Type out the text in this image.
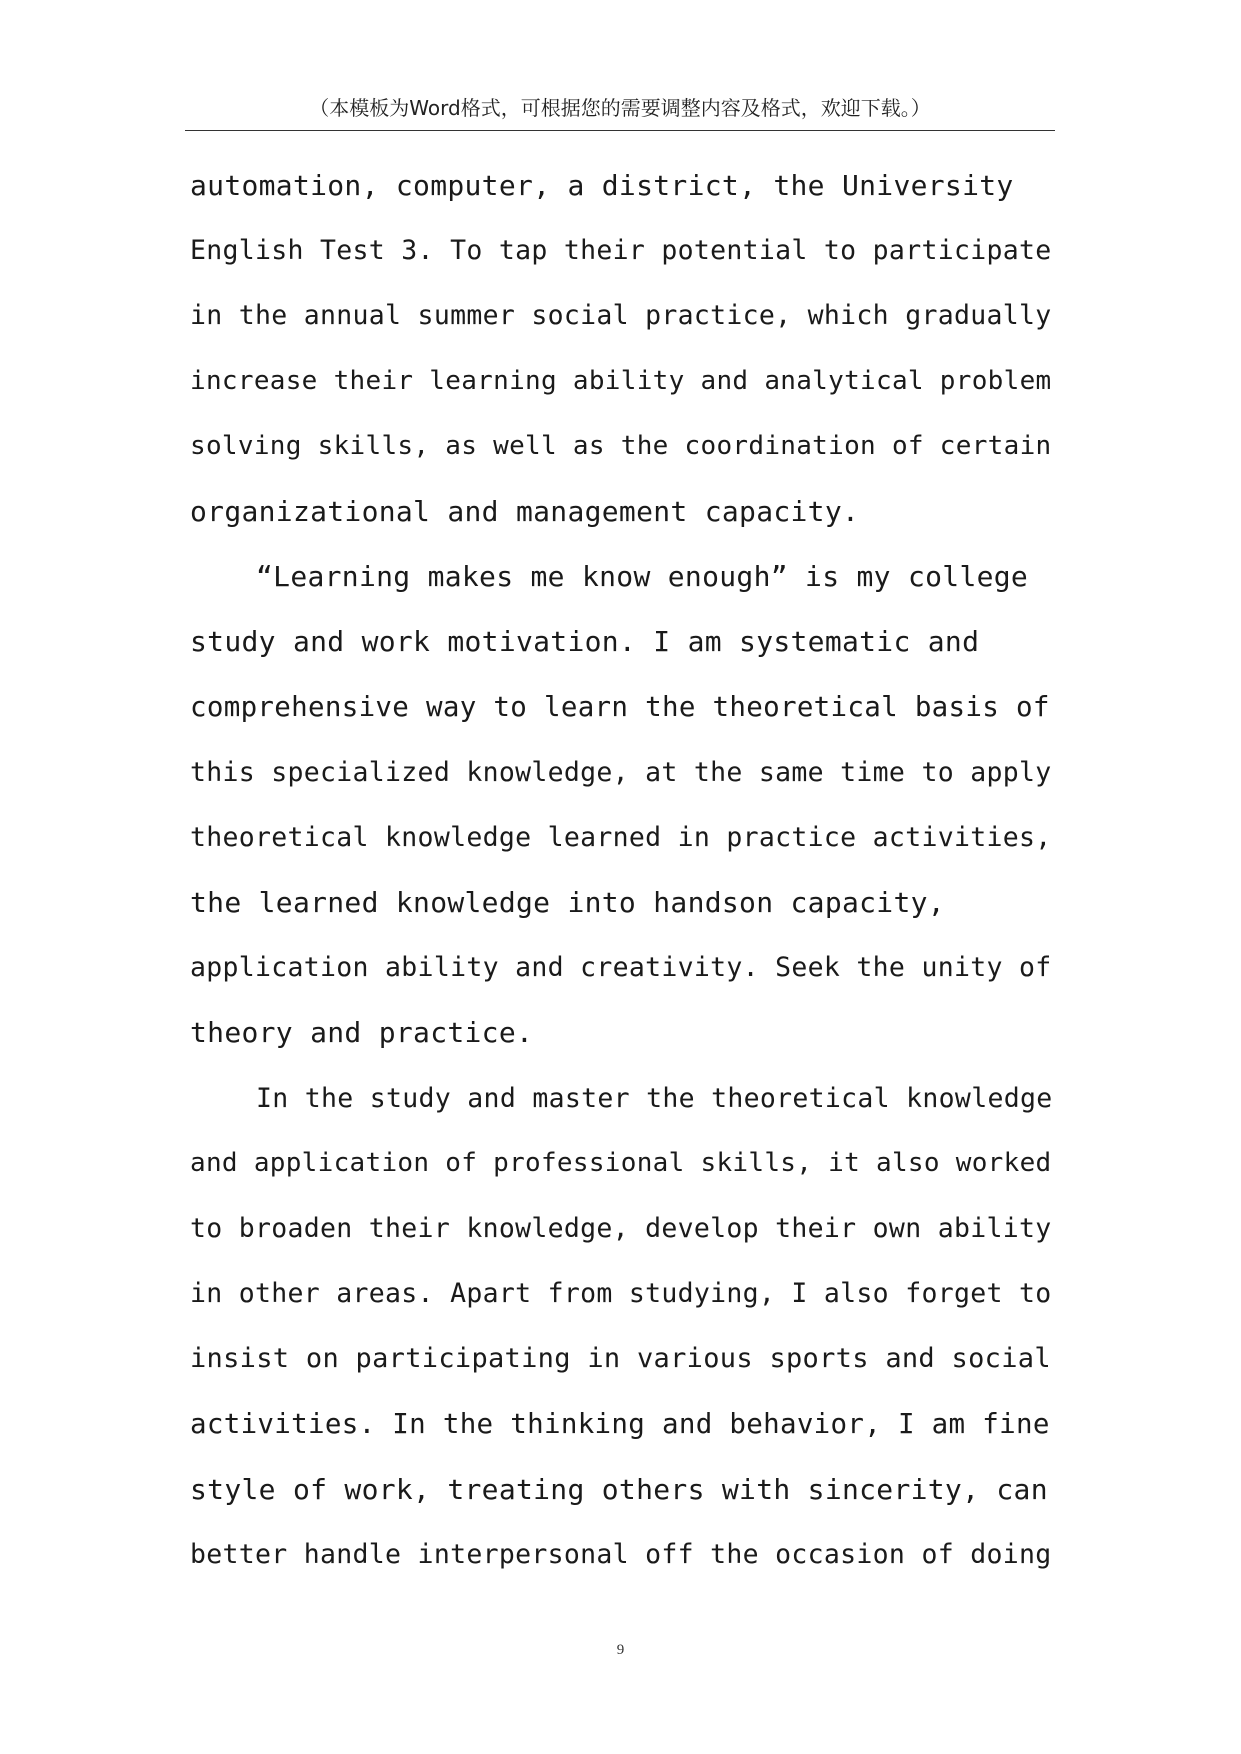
（本模板为Word格式，可根据您的需要调整内容及格式，欢迎下载。）
automation, computer, a district, the University
English Test 3. To tap their potential to participate
in the annual summer social practice, which gradually
increase their learning ability and analytical problem
solving skills, as well as the coordination of certain
organizational and management capacity.
“Learning makes me know enough” is my college
study and work motivation. I am systematic and
comprehensive way to learn the theoretical basis of
this specialized knowledge, at the same time to apply
theoretical knowledge learned in practice activities,
the learned knowledge into handson capacity,
application ability and creativity. Seek the unity of
theory and practice.
In the study and master the theoretical knowledge
and application of professional skills, it also worked
to broaden their knowledge, develop their own ability
in other areas. Apart from studying, I also forget to
insist on participating in various sports and social
activities. In the thinking and behavior, I am fine
style of work, treating others with sincerity, can
better handle interpersonal off the occasion of doing
9
